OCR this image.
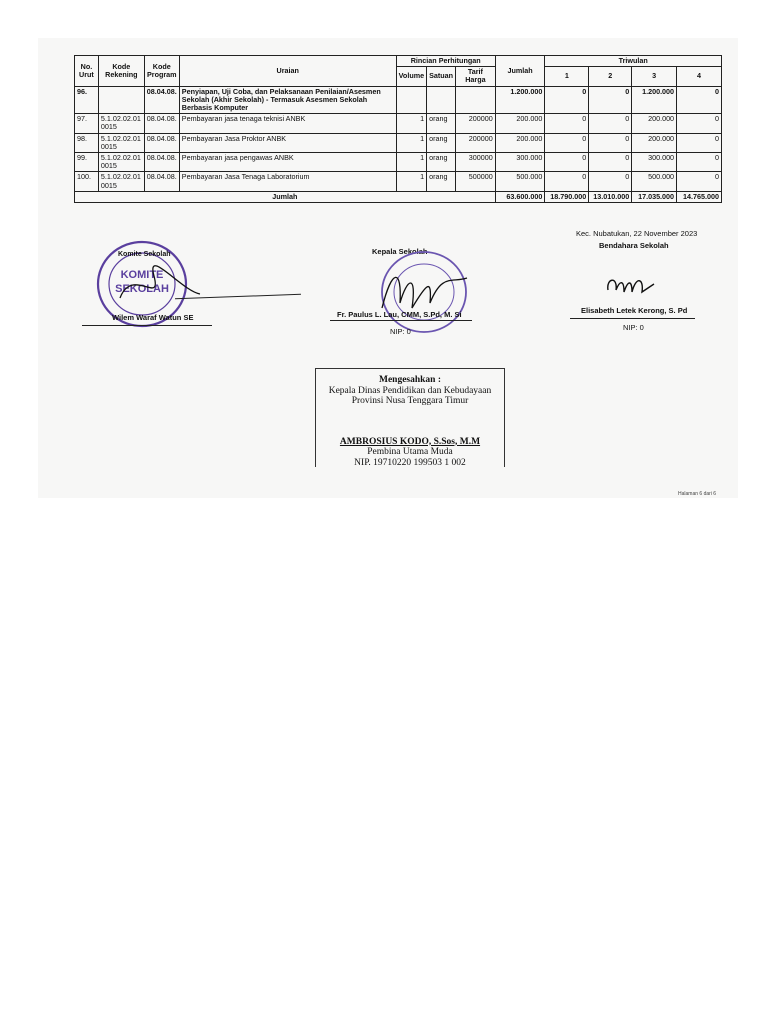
No. Urut	Kode Rekening	Kode Program	Uraian	Rincian Perhitungan			Jumlah	Triwulan			
				Volume	Satuan	Tarif Harga		1	2	3	4
96.		08.04.08.	Penyiapan, Uji Coba, dan Pelaksanaan Penilaian/Asesmen Sekolah (Akhir Sekolah) - Termasuk Asesmen Sekolah Berbasis Komputer				1.200.000	0	0	1.200.000	0
97.	5.1.02.02.01 0015	08.04.08.	Pembayaran jasa tenaga teknisi ANBK	1	orang	200000	200.000	0	0	200.000	0
98.	5.1.02.02.01 0015	08.04.08.	Pembayaran Jasa Proktor ANBK	1	orang	200000	200.000	0	0	200.000	0
99.	5.1.02.02.01 0015	08.04.08.	Pembayaran jasa pengawas ANBK	1	orang	300000	300.000	0	0	300.000	0
100.	5.1.02.02.01 0015	08.04.08.	Pembayaran Jasa Tenaga Laboratorium	1	orang	500000	500.000	0	0	500.000	0
Jumlah							63.600.000	18.790.000	13.010.000	17.035.000	14.765.000
KOMITE
SEKOLAH
Komite Sekolah
Wilem Waraf Watun SE
Kepala Sekolah
Fr. Paulus L. Lau, CMM, S.Pd, M. Si
NIP: 0
Kec. Nubatukan, 22 November 2023
Bendahara Sekolah
Elisabeth Letek Kerong, S. Pd
NIP: 0
Mengesahkan :
Kepala Dinas Pendidikan dan Kebudayaan
Provinsi Nusa Tenggara Timur
AMBROSIUS KODO, S.Sos, M.M
Pembina Utama Muda
NIP. 19710220 199503 1 002
Halaman 6 dari 6
